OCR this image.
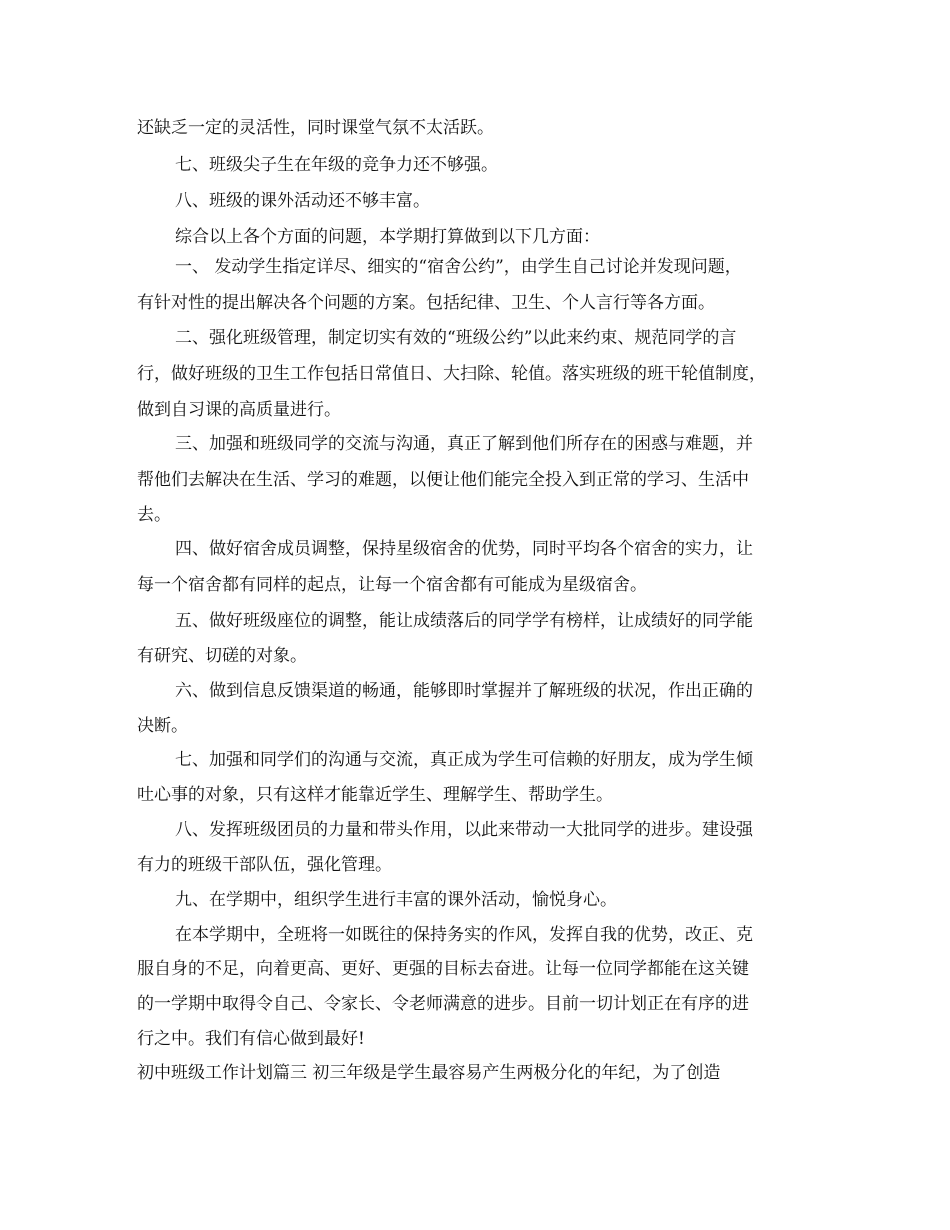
还缺乏一定的灵活性，同时课堂气氛不太活跃。
七、班级尖子生在年级的竞争力还不够强。
八、班级的课外活动还不够丰富。
综合以上各个方面的问题，本学期打算做到以下几方面：
一、 发动学生指定详尽、细实的“宿舍公约”，由学生自己讨论并发现问题，
有针对性的提出解决各个问题的方案。包括纪律、卫生、个人言行等各方面。
二、强化班级管理，制定切实有效的“班级公约”以此来约束、规范同学的言
行，做好班级的卫生工作包括日常值日、大扫除、轮值。落实班级的班干轮值制度，
做到自习课的高质量进行。
三、加强和班级同学的交流与沟通，真正了解到他们所存在的困惑与难题，并
帮他们去解决在生活、学习的难题，以便让他们能完全投入到正常的学习、生活中
去。
四、做好宿舍成员调整，保持星级宿舍的优势，同时平均各个宿舍的实力，让
每一个宿舍都有同样的起点，让每一个宿舍都有可能成为星级宿舍。
五、做好班级座位的调整，能让成绩落后的同学学有榜样，让成绩好的同学能
有研究、切磋的对象。
六、做到信息反馈渠道的畅通，能够即时掌握并了解班级的状况，作出正确的
决断。
七、加强和同学们的沟通与交流，真正成为学生可信赖的好朋友，成为学生倾
吐心事的对象，只有这样才能靠近学生、理解学生、帮助学生。
八、发挥班级团员的力量和带头作用，以此来带动一大批同学的进步。建设强
有力的班级干部队伍，强化管理。
九、在学期中，组织学生进行丰富的课外活动，愉悦身心。
在本学期中，全班将一如既往的保持务实的作风，发挥自我的优势，改正、克
服自身的不足，向着更高、更好、更强的目标去奋进。让每一位同学都能在这关键
的一学期中取得令自己、令家长、令老师满意的进步。目前一切计划正在有序的进
行之中。我们有信心做到最好!
初中班级工作计划篇三 初三年级是学生最容易产生两极分化的年纪，为了创造
